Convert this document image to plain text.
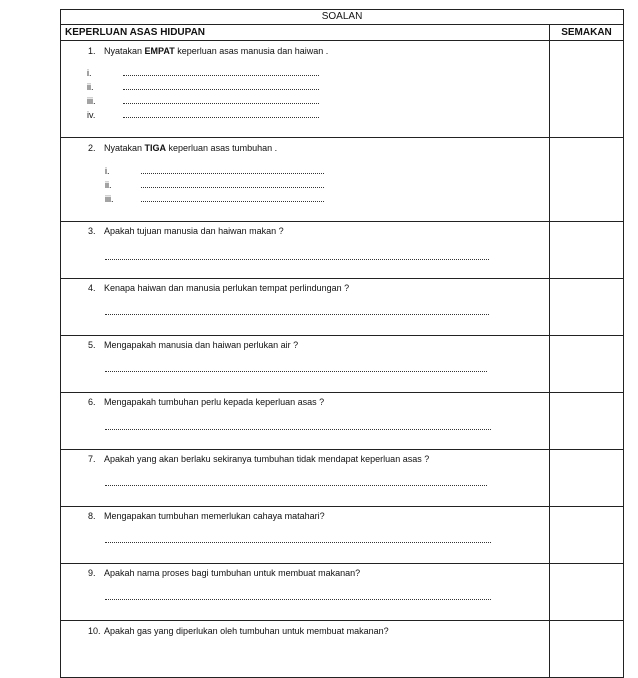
SOALAN	
KEPERLUAN ASAS HIDUPAN	SEMAKAN

1. Nyatakan EMPAT keperluan asas manusia dan haiwan .
i.
ii.
iii.
iv.	

2. Nyatakan TIGA keperluan asas tumbuhan .
i.
ii.
iii.	

3. Apakah tujuan manusia dan haiwan makan ?	

4. Kenapa haiwan dan manusia perlukan tempat perlindungan ?	

5. Mengapakah manusia dan haiwan perlukan air ?	

6. Mengapakah tumbuhan perlu kepada keperluan asas ?	

7. Apakah yang akan berlaku sekiranya tumbuhan tidak mendapat keperluan asas ?	

8. Mengapakan tumbuhan memerlukan cahaya matahari?	

9. Apakah nama proses bagi tumbuhan untuk membuat makanan?	

10. Apakah gas yang diperlukan oleh tumbuhan untuk membuat makanan?	
